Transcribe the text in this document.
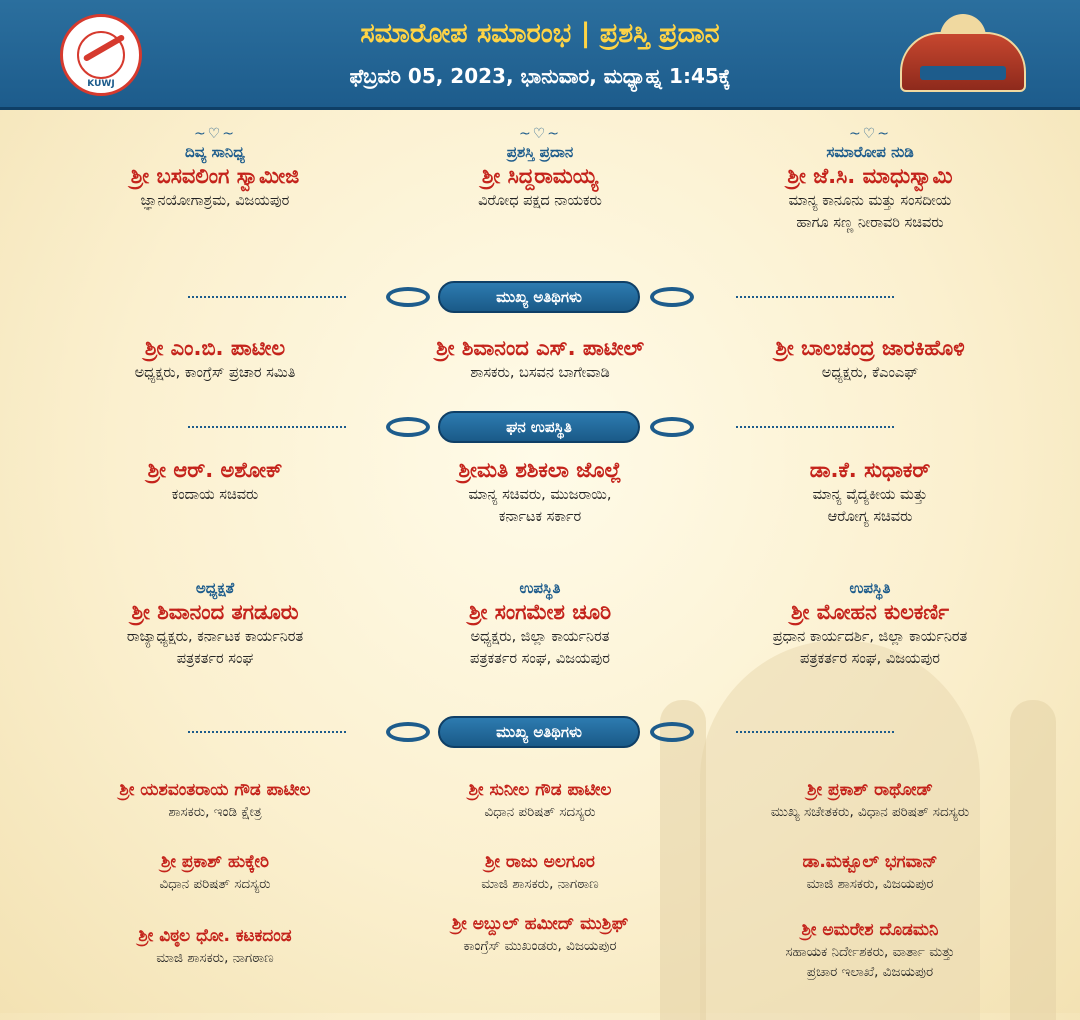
KUWJ
ಸಮಾರೋಪ ಸಮಾರಂಭ | ಪ್ರಶಸ್ತಿ ಪ್ರದಾನ
ಫೆಬ್ರವರಿ 05, 2023, ಭಾನುವಾರ, ಮಧ್ಯಾಹ್ನ 1:45ಕ್ಕೆ
~♡~
ದಿವ್ಯ ಸಾನಿಧ್ಯ
ಶ್ರೀ ಬಸವಲಿಂಗ ಸ್ವಾಮೀಜಿ
ಜ್ಞಾನಯೋಗಾಶ್ರಮ, ವಿಜಯಪುರ
~♡~
ಪ್ರಶಸ್ತಿ ಪ್ರದಾನ
ಶ್ರೀ ಸಿದ್ದರಾಮಯ್ಯ
ವಿರೋಧ ಪಕ್ಷದ ನಾಯಕರು
~♡~
ಸಮಾರೋಪ ನುಡಿ
ಶ್ರೀ ಜೆ.ಸಿ. ಮಾಧುಸ್ವಾಮಿ
ಮಾನ್ಯ ಕಾನೂನು ಮತ್ತು ಸಂಸದೀಯ
ಹಾಗೂ ಸಣ್ಣ ನೀರಾವರಿ ಸಚಿವರು
ಮುಖ್ಯ ಅತಿಥಿಗಳು
ಶ್ರೀ ಎಂ.ಬಿ. ಪಾಟೀಲ
ಅಧ್ಯಕ್ಷರು, ಕಾಂಗ್ರೆಸ್ ಪ್ರಚಾರ ಸಮಿತಿ
ಶ್ರೀ ಶಿವಾನಂದ ಎಸ್. ಪಾಟೀಲ್
ಶಾಸಕರು, ಬಸವನ ಬಾಗೇವಾಡಿ
ಶ್ರೀ ಬಾಲಚಂದ್ರ ಜಾರಕಿಹೊಳಿ
ಅಧ್ಯಕ್ಷರು, ಕೆಎಂಎಫ್
ಘನ ಉಪಸ್ಥಿತಿ
ಶ್ರೀ ಆರ್. ಅಶೋಕ್
ಕಂದಾಯ ಸಚಿವರು
ಶ್ರೀಮತಿ ಶಶಿಕಲಾ ಜೊಲ್ಲೆ
ಮಾನ್ಯ ಸಚಿವರು, ಮುಜರಾಯಿ,
ಕರ್ನಾಟಕ ಸರ್ಕಾರ
ಡಾ.ಕೆ. ಸುಧಾಕರ್
ಮಾನ್ಯ ವೈದ್ಯಕೀಯ ಮತ್ತು
ಆರೋಗ್ಯ ಸಚಿವರು
ಅಧ್ಯಕ್ಷತೆ
ಶ್ರೀ ಶಿವಾನಂದ ತಗಡೂರು
ರಾಜ್ಯಾಧ್ಯಕ್ಷರು, ಕರ್ನಾಟಕ ಕಾರ್ಯನಿರತ
ಪತ್ರಕರ್ತರ ಸಂಘ
ಉಪಸ್ಥಿತಿ
ಶ್ರೀ ಸಂಗಮೇಶ ಚೂರಿ
ಅಧ್ಯಕ್ಷರು, ಜಿಲ್ಲಾ ಕಾರ್ಯನಿರತ
ಪತ್ರಕರ್ತರ ಸಂಘ, ವಿಜಯಪುರ
ಉಪಸ್ಥಿತಿ
ಶ್ರೀ ಮೋಹನ ಕುಲಕರ್ಣಿ
ಪ್ರಧಾನ ಕಾರ್ಯದರ್ಶಿ, ಜಿಲ್ಲಾ ಕಾರ್ಯನಿರತ
ಪತ್ರಕರ್ತರ ಸಂಘ, ವಿಜಯಪುರ
ಮುಖ್ಯ ಅತಿಥಿಗಳು
ಶ್ರೀ ಯಶವಂತರಾಯ ಗೌಡ ಪಾಟೀಲ
ಶಾಸಕರು, ಇಂಡಿ ಕ್ಷೇತ್ರ
ಶ್ರೀ ಪ್ರಕಾಶ್ ಹುಕ್ಕೇರಿ
ವಿಧಾನ ಪರಿಷತ್ ಸದಸ್ಯರು
ಶ್ರೀ ವಿಠ್ಠಲ ಧೋ. ಕಟಕದಂಡ
ಮಾಜಿ ಶಾಸಕರು, ನಾಗಠಾಣ
ಶ್ರೀ ಸುನೀಲ ಗೌಡ ಪಾಟೀಲ
ವಿಧಾನ ಪರಿಷತ್ ಸದಸ್ಯರು
ಶ್ರೀ ರಾಜು ಅಲಗೂರ
ಮಾಜಿ ಶಾಸಕರು, ನಾಗಠಾಣ
ಶ್ರೀ ಅಬ್ದುಲ್ ಹಮೀದ್ ಮುಶ್ರಿಫ್
ಕಾಂಗ್ರೆಸ್ ಮುಖಂಡರು, ವಿಜಯಪುರ
ಶ್ರೀ ಪ್ರಕಾಶ್ ರಾಥೋಡ್
ಮುಖ್ಯ ಸಚೇತಕರು, ವಿಧಾನ ಪರಿಷತ್ ಸದಸ್ಯರು
ಡಾ.ಮಕ್ಬೂಲ್ ಭಗವಾನ್
ಮಾಜಿ ಶಾಸಕರು, ವಿಜಯಪುರ
ಶ್ರೀ ಅಮರೇಶ ದೊಡಮನಿ
ಸಹಾಯಕ ನಿರ್ದೇಶಕರು, ವಾರ್ತಾ ಮತ್ತು
ಪ್ರಚಾರ ಇಲಾಖೆ, ವಿಜಯಪುರ
